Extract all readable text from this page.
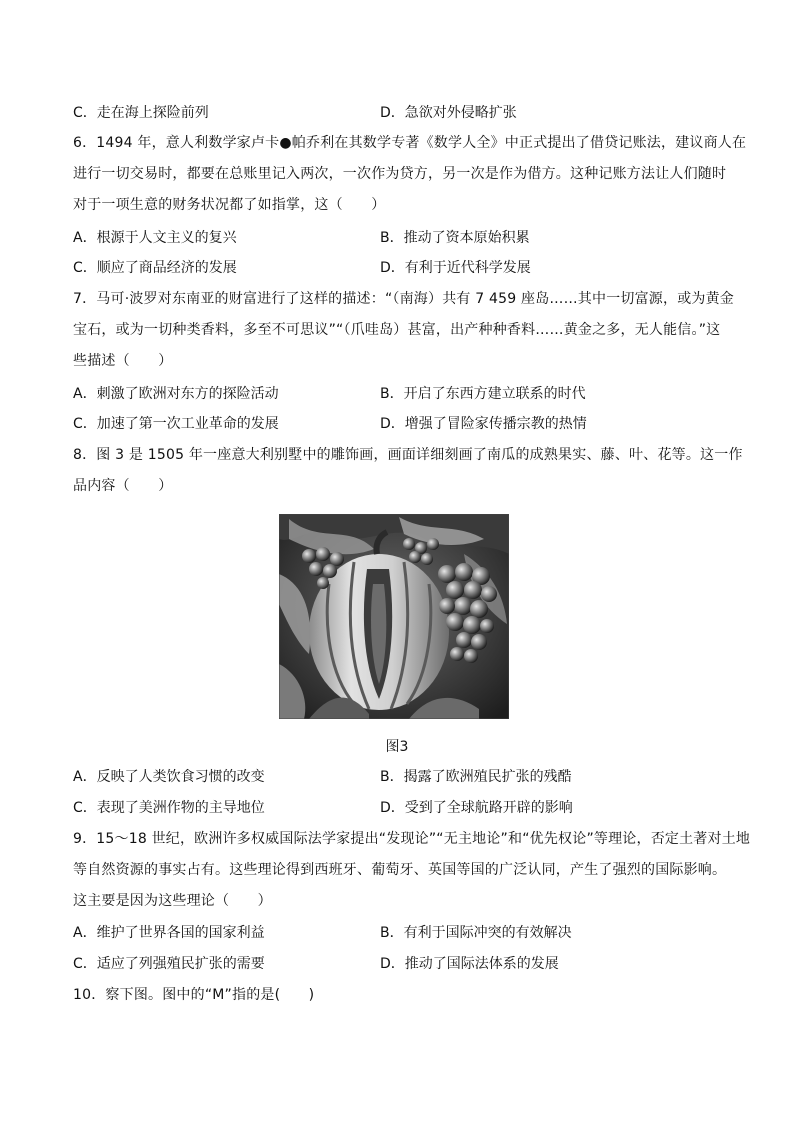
C．走在海上探险前列	D．急欲对外侵略扩张
6．1494 年，意人利数学家卢卡●帕乔利在其数学专著《数学人全》中正式提出了借贷记账法，建议商人在
进行一切交易时，都要在总账里记入两次，一次作为贷方，另一次是作为借方。这种记账方法让人们随时
对于一项生意的财务状况都了如指掌，这（　　）
A．根源于人文主义的复兴	B．推动了资本原始积累
C．顺应了商品经济的发展	D．有利于近代科学发展
7．马可·波罗对东南亚的财富进行了这样的描述：“（南海）共有 7 459 座岛……其中一切富源，或为黄金
宝石，或为一切种类香料，多至不可思议”“（爪哇岛）甚富，出产种种香料……黄金之多，无人能信。”这
些描述（　　）
A．刺激了欧洲对东方的探险活动	B．开启了东西方建立联系的时代
C．加速了第一次工业革命的发展	D．增强了冒险家传播宗教的热情
8．图 3 是 1505 年一座意大利别墅中的雕饰画，画面详细刻画了南瓜的成熟果实、藤、叶、花等。这一作
品内容（　　）
图3
A．反映了人类饮食习惯的改变	B．揭露了欧洲殖民扩张的残酷
C．表现了美洲作物的主导地位	D．受到了全球航路开辟的影响
9．15～18 世纪，欧洲许多权威国际法学家提出“发现论”“无主地论”和“优先权论”等理论，否定土著对土地
等自然资源的事实占有。这些理论得到西班牙、葡萄牙、英国等国的广泛认同，产生了强烈的国际影响。
这主要是因为这些理论（　　）
A．维护了世界各国的国家利益	B．有利于国际冲突的有效解决
C．适应了列强殖民扩张的需要	D．推动了国际法体系的发展
10．察下图。图中的“M”指的是(　　)
